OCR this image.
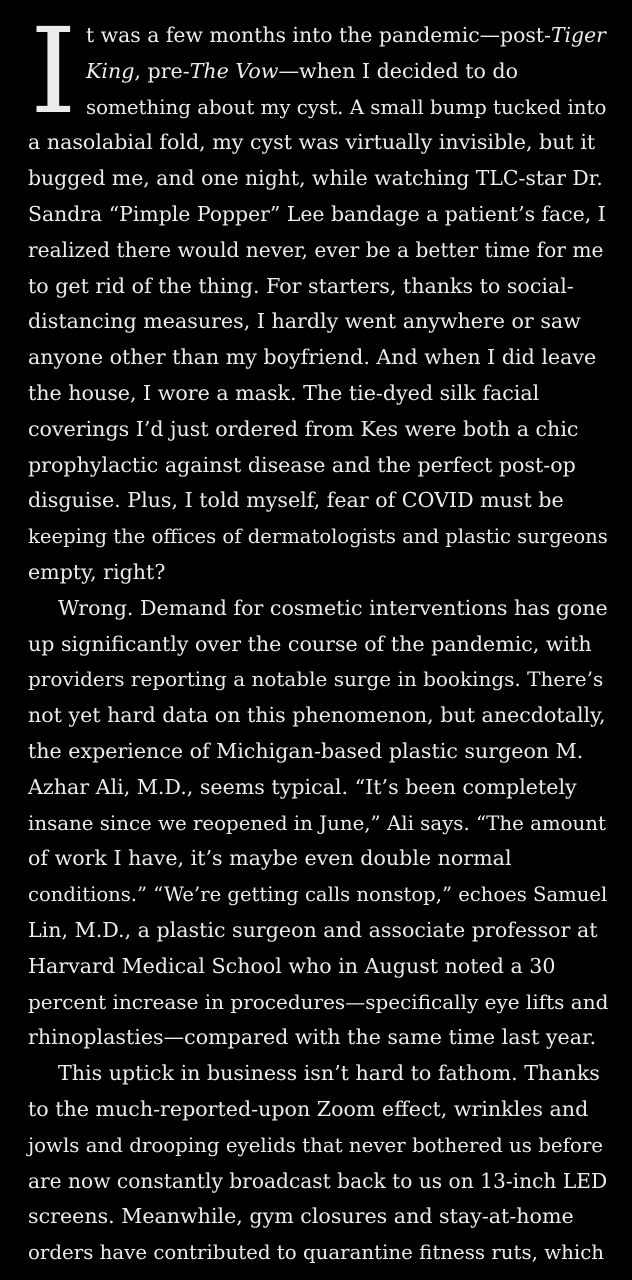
I t was a few months into the pandemic—post-Tiger
King, pre-The Vow—when I decided to do
something about my cyst. A small bump tucked into
a nasolabial fold, my cyst was virtually invisible, but it
bugged me, and one night, while watching TLC-star Dr.
Sandra “Pimple Popper” Lee bandage a patient’s face, I
realized there would never, ever be a better time for me
to get rid of the thing. For starters, thanks to social-
distancing measures, I hardly went anywhere or saw
anyone other than my boyfriend. And when I did leave
the house, I wore a mask. The tie-dyed silk facial
coverings I’d just ordered from Kes were both a chic
prophylactic against disease and the perfect post-op
disguise. Plus, I told myself, fear of COVID must be
keeping the offices of dermatologists and plastic surgeons
empty, right?
Wrong. Demand for cosmetic interventions has gone
up significantly over the course of the pandemic, with
providers reporting a notable surge in bookings. There’s
not yet hard data on this phenomenon, but anecdotally,
the experience of Michigan-based plastic surgeon M.
Azhar Ali, M.D., seems typical. “It’s been completely
insane since we reopened in June,” Ali says. “The amount
of work I have, it’s maybe even double normal
conditions.” “We’re getting calls nonstop,” echoes Samuel
Lin, M.D., a plastic surgeon and associate professor at
Harvard Medical School who in August noted a 30
percent increase in procedures—specifically eye lifts and
rhinoplasties—compared with the same time last year.
This uptick in business isn’t hard to fathom. Thanks
to the much-reported-upon Zoom effect, wrinkles and
jowls and drooping eyelids that never bothered us before
are now constantly broadcast back to us on 13-inch LED
screens. Meanwhile, gym closures and stay-at-home
orders have contributed to quarantine fitness ruts, which
